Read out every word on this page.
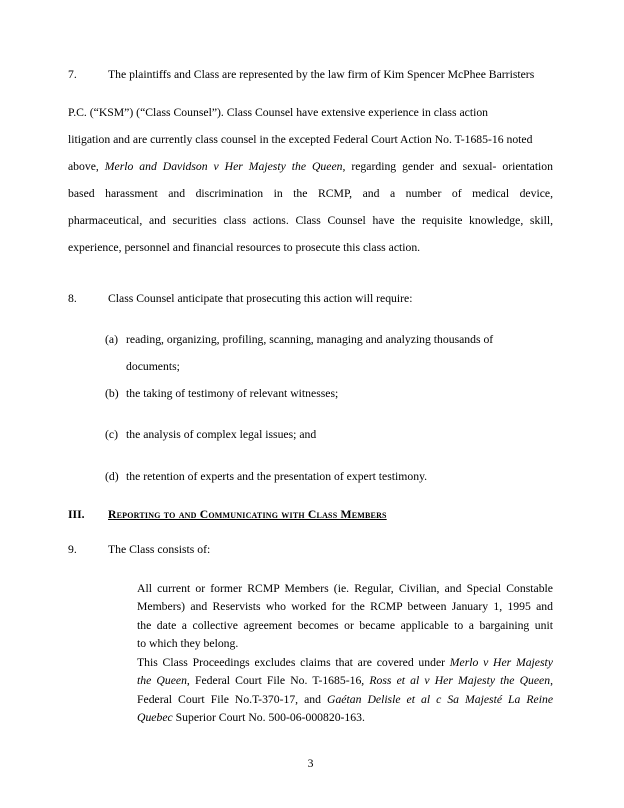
7.	The plaintiffs and Class are represented by the law firm of Kim Spencer McPhee Barristers
P.C. (“KSM”) (“Class Counsel”). Class Counsel have extensive experience in class action
litigation and are currently class counsel in the excepted Federal Court Action No. T-1685-16 noted
above, Merlo and Davidson v Her Majesty the Queen, regarding gender and sexual- orientation
based harassment and discrimination in the RCMP, and a number of medical device,
pharmaceutical, and securities class actions. Class Counsel have the requisite knowledge, skill,
experience, personnel and financial resources to prosecute this class action.
8.	Class Counsel anticipate that prosecuting this action will require:
(a) reading, organizing, profiling, scanning, managing and analyzing thousands of
documents;
(b) the taking of testimony of relevant witnesses;
(c) the analysis of complex legal issues; and
(d) the retention of experts and the presentation of expert testimony.
III. Reporting to and Communicating with Class Members
9.	The Class consists of:
All current or former RCMP Members (ie. Regular, Civilian, and Special Constable
Members) and Reservists who worked for the RCMP between January 1, 1995 and
the date a collective agreement becomes or became applicable to a bargaining unit
to which they belong.
This Class Proceedings excludes claims that are covered under Merlo v Her Majesty
the Queen, Federal Court File No. T-1685-16, Ross et al v Her Majesty the Queen,
Federal Court File No.T-370-17, and Gaétan Delisle et al c Sa Majesté La Reine
Quebec Superior Court No. 500-06-000820-163.
3
